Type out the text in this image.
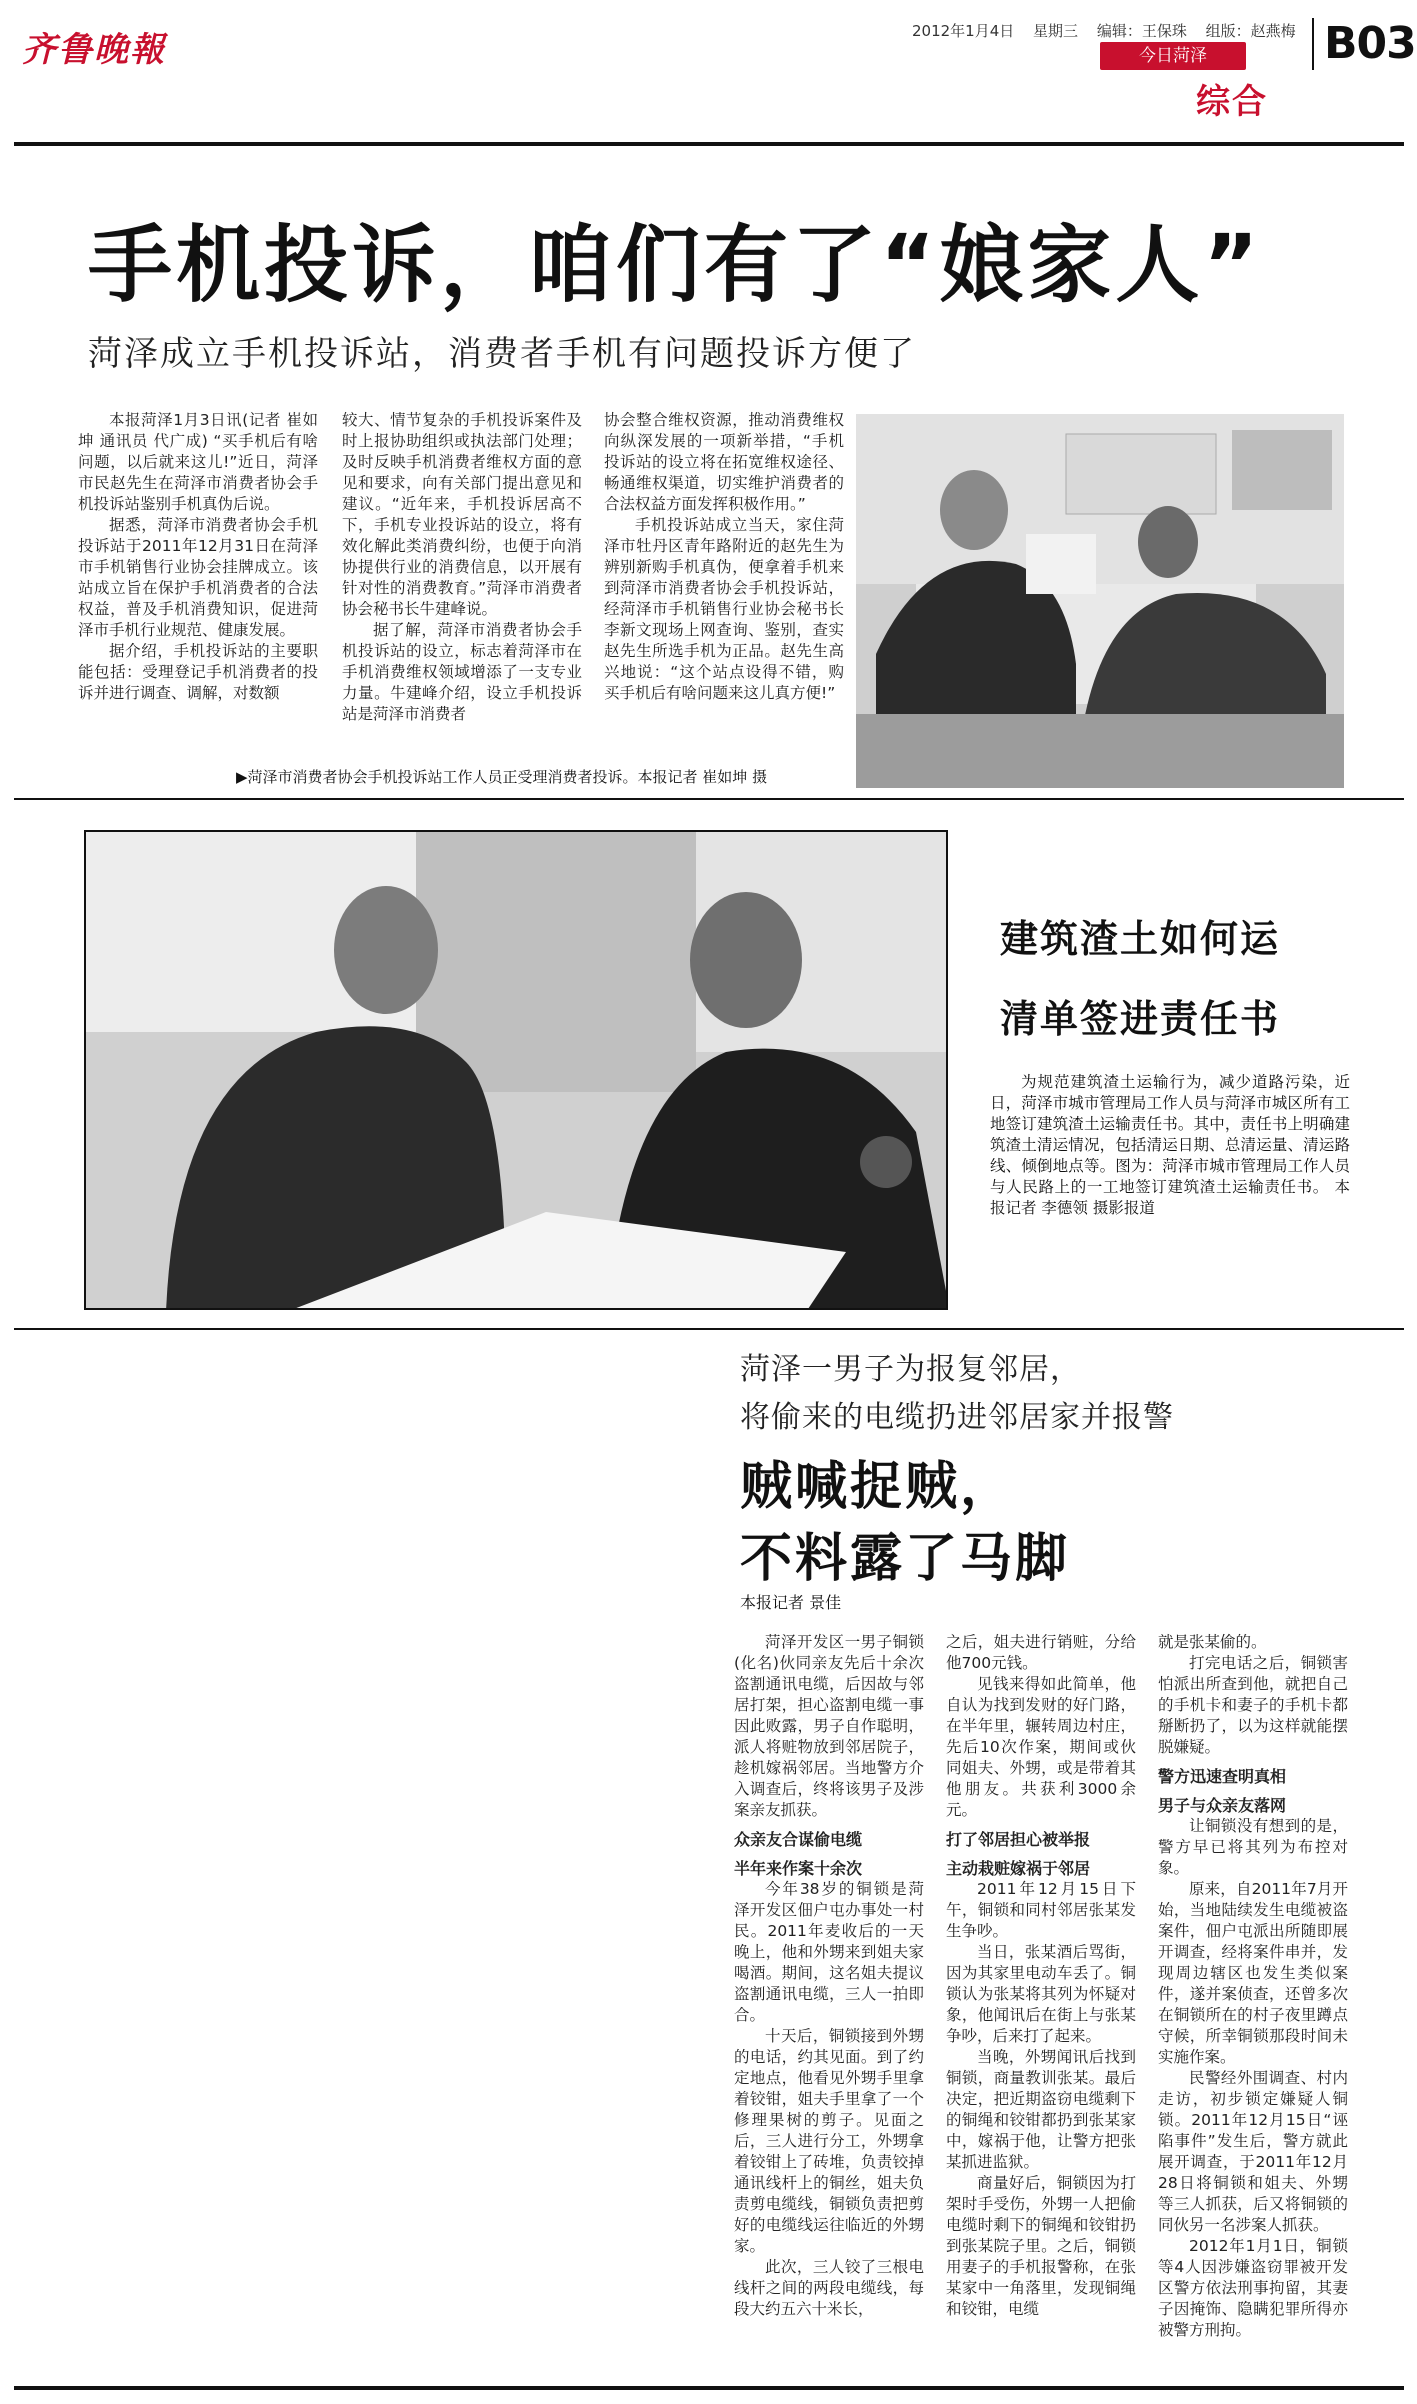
齐鲁晚報	2012年1月4日 星期三 编辑：王保珠 组版：赵燕梅
今日菏泽
综合
B03
手机投诉，咱们有了“娘家人”
菏泽成立手机投诉站，消费者手机有问题投诉方便了

本报菏泽1月3日讯(记者 崔如坤 通讯员 代广成) “买手机后有啥问题，以后就来这儿!”近日，菏泽市民赵先生在菏泽市消费者协会手机投诉站鉴别手机真伪后说。

据悉，菏泽市消费者协会手机投诉站于2011年12月31日在菏泽市手机销售行业协会挂牌成立。该站成立旨在保护手机消费者的合法权益，普及手机消费知识，促进菏泽市手机行业规范、健康发展。

据介绍，手机投诉站的主要职能包括：受理登记手机消费者的投诉并进行调查、调解，对数额

较大、情节复杂的手机投诉案件及时上报协助组织或执法部门处理；及时反映手机消费者维权方面的意见和要求，向有关部门提出意见和建议。“近年来，手机投诉居高不下，手机专业投诉站的设立，将有效化解此类消费纠纷，也便于向消协提供行业的消费信息，以开展有针对性的消费教育。”菏泽市消费者协会秘书长牛建峰说。

据了解，菏泽市消费者协会手机投诉站的设立，标志着菏泽市在手机消费维权领域增添了一支专业力量。牛建峰介绍，设立手机投诉站是菏泽市消费者

协会整合维权资源，推动消费维权向纵深发展的一项新举措，“手机投诉站的设立将在拓宽维权途径、畅通维权渠道，切实维护消费者的合法权益方面发挥积极作用。”

手机投诉站成立当天，家住菏泽市牡丹区青年路附近的赵先生为辨别新购手机真伪，便拿着手机来到菏泽市消费者协会手机投诉站，经菏泽市手机销售行业协会秘书长李新文现场上网查询、鉴别，查实赵先生所选手机为正品。赵先生高兴地说：“这个站点设得不错，购买手机后有啥问题来这儿真方便!”

▶菏泽市消费者协会手机投诉站工作人员正受理消费者投诉。本报记者 崔如坤 摄
建筑渣土如何运
清单签进责任书

为规范建筑渣土运输行为，减少道路污染，近日，菏泽市城市管理局工作人员与菏泽市城区所有工地签订建筑渣土运输责任书。其中，责任书上明确建筑渣土清运情况，包括清运日期、总清运量、清运路线、倾倒地点等。图为：菏泽市城市管理局工作人员与人民路上的一工地签订建筑渣土运输责任书。 本报记者 李德领 摄影报道

菏泽一男子为报复邻居，
将偷来的电缆扔进邻居家并报警
贼喊捉贼，
不料露了马脚
本报记者 景佳

菏泽开发区一男子铜锁(化名)伙同亲友先后十余次盗割通讯电缆，后因故与邻居打架，担心盗割电缆一事因此败露，男子自作聪明，派人将赃物放到邻居院子，趁机嫁祸邻居。当地警方介入调查后，终将该男子及涉案亲友抓获。

众亲友合谋偷电缆

半年来作案十余次

今年38岁的铜锁是菏泽开发区佃户屯办事处一村民。2011年麦收后的一天晚上，他和外甥来到姐夫家喝酒。期间，这名姐夫提议盗割通讯电缆，三人一拍即合。

十天后，铜锁接到外甥的电话，约其见面。到了约定地点，他看见外甥手里拿着铰钳，姐夫手里拿了一个修理果树的剪子。见面之后，三人进行分工，外甥拿着铰钳上了砖堆，负责铰掉通讯线杆上的铜丝，姐夫负责剪电缆线，铜锁负责把剪好的电缆线运往临近的外甥家。

此次，三人铰了三根电线杆之间的两段电缆线，每段大约五六十米长，

之后，姐夫进行销赃，分给他700元钱。

见钱来得如此简单，他自认为找到发财的好门路，在半年里，辗转周边村庄，先后10次作案，期间或伙同姐夫、外甥，或是带着其他朋友。共获利3000余元。

打了邻居担心被举报

主动栽赃嫁祸于邻居

2011年12月15日下午，铜锁和同村邻居张某发生争吵。

当日，张某酒后骂街，因为其家里电动车丢了。铜锁认为张某将其列为怀疑对象，他闻讯后在街上与张某争吵，后来打了起来。

当晚，外甥闻讯后找到铜锁，商量教训张某。最后决定，把近期盗窃电缆剩下的铜绳和铰钳都扔到张某家中，嫁祸于他，让警方把张某抓进监狱。

商量好后，铜锁因为打架时手受伤，外甥一人把偷电缆时剩下的铜绳和铰钳扔到张某院子里。之后，铜锁用妻子的手机报警称，在张某家中一角落里，发现铜绳和铰钳，电缆

就是张某偷的。

打完电话之后，铜锁害怕派出所查到他，就把自己的手机卡和妻子的手机卡都掰断扔了，以为这样就能摆脱嫌疑。

警方迅速查明真相

男子与众亲友落网

让铜锁没有想到的是，警方早已将其列为布控对象。

原来，自2011年7月开始，当地陆续发生电缆被盗案件，佃户屯派出所随即展开调查，经将案件串并，发现周边辖区也发生类似案件，遂并案侦查，还曾多次在铜锁所在的村子夜里蹲点守候，所幸铜锁那段时间未实施作案。

民警经外围调查、村内走访，初步锁定嫌疑人铜锁。2011年12月15日“诬陷事件”发生后，警方就此展开调查，于2011年12月28日将铜锁和姐夫、外甥等三人抓获，后又将铜锁的同伙另一名涉案人抓获。

2012年1月1日，铜锁等4人因涉嫌盗窃罪被开发区警方依法刑事拘留，其妻子因掩饰、隐瞒犯罪所得亦被警方刑拘。
